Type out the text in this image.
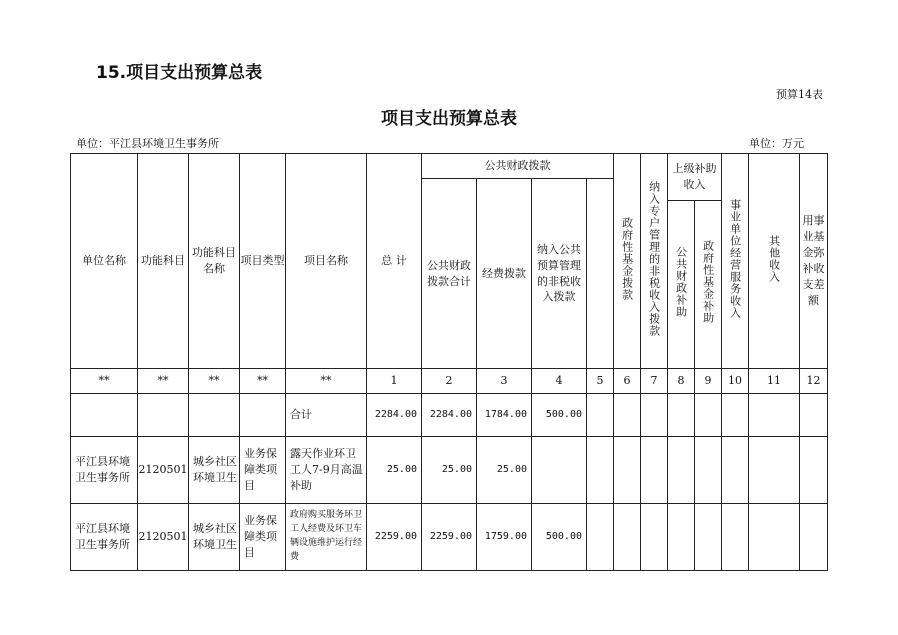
15.项目支出预算总表
预算14表
项目支出预算总表
单位：平江县环境卫生事务所	单位：万元
单位名称	功能科目	功能科目名称	项目类型	项目名称	总 计	公共财政拨款				政府性基金拨款	纳入专户管理的非税收入拨款	上级补助收入		事业单位经营服务收入	其他收入	用事业基金弥补收支差额	
						公共财政拨款合计	经费拨款	纳入公共预算管理的非税收入拨款									
												公共财政补助	政府性基金补助				
**	**	**	**	**	1	2	3	4	5	6	7	8	9	10	11	12	
				合计	2284.00	2284.00	1784.00	500.00									
平江县环境卫生事务所	2120501	城乡社区环境卫生	业务保障类项目	露天作业环卫工人7-9月高温补助	25.00	25.00	25.00										
平江县环境卫生事务所	2120501	城乡社区环境卫生	业务保障类项目	政府购买服务环卫工人经费及环卫车辆设施维护运行经费	2259.00	2259.00	1759.00	500.00									
